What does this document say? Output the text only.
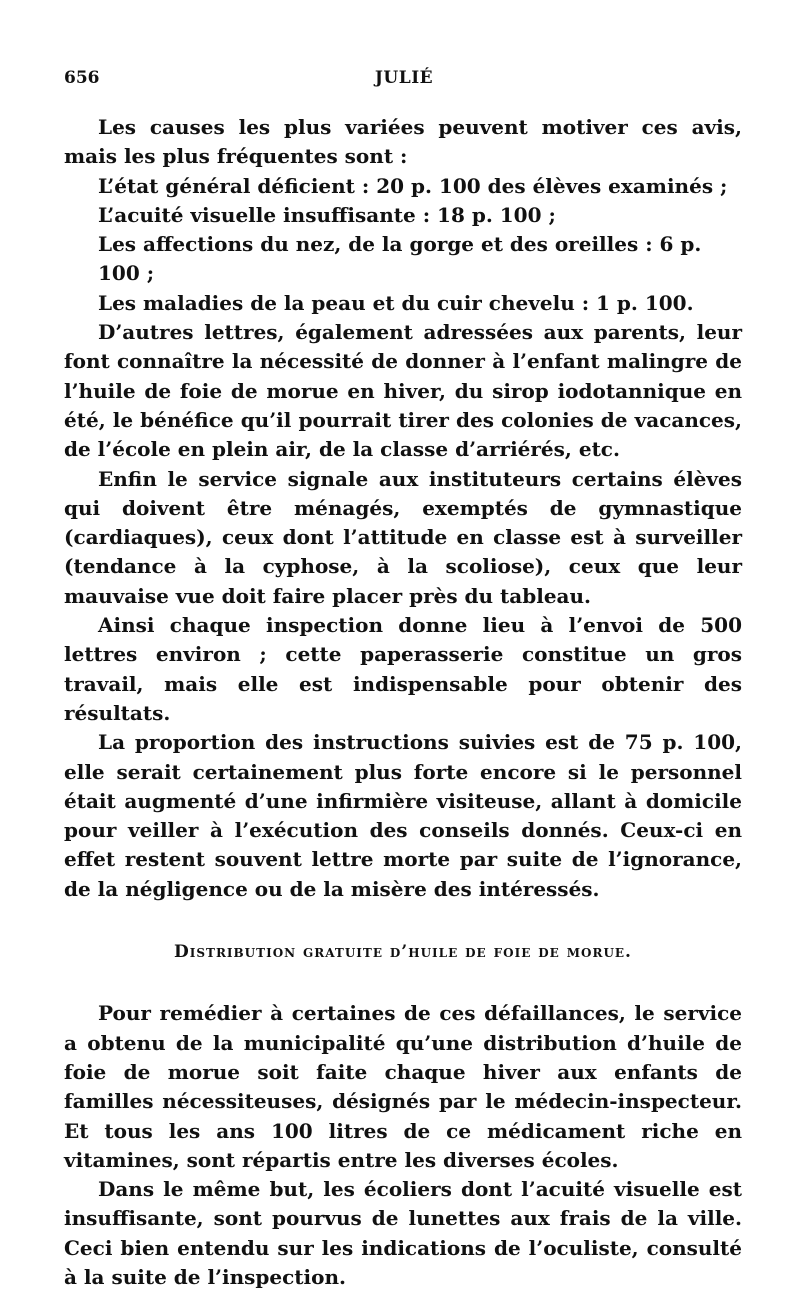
656	JULIÉ

Les causes les plus variées peuvent motiver ces avis, mais les plus fréquentes sont :

L’état général déficient : 20 p. 100 des élèves examinés ;
L’acuité visuelle insuffisante : 18 p. 100 ;
Les affections du nez, de la gorge et des oreilles : 6 p. 100 ;
Les maladies de la peau et du cuir chevelu : 1 p. 100.

D’autres lettres, également adressées aux parents, leur font connaître la nécessité de donner à l’enfant malingre de l’huile de foie de morue en hiver, du sirop iodotannique en été, le bénéfice qu’il pourrait tirer des colonies de vacances, de l’école en plein air, de la classe d’arriérés, etc.

Enfin le service signale aux instituteurs certains élèves qui doivent être ménagés, exemptés de gymnastique (cardiaques), ceux dont l’attitude en classe est à surveiller (tendance à la cyphose, à la scoliose), ceux que leur mauvaise vue doit faire placer près du tableau.

Ainsi chaque inspection donne lieu à l’envoi de 500 lettres environ ; cette paperasserie constitue un gros travail, mais elle est indispensable pour obtenir des résultats.

La proportion des instructions suivies est de 75 p. 100, elle serait certainement plus forte encore si le personnel était augmenté d’une infirmière visiteuse, allant à domicile pour veiller à l’exécution des conseils donnés. Ceux-ci en effet restent souvent lettre morte par suite de l’ignorance, de la négligence ou de la misère des intéressés.

Distribution gratuite d’huile de foie de morue.

Pour remédier à certaines de ces défaillances, le service a obtenu de la municipalité qu’une distribution d’huile de foie de morue soit faite chaque hiver aux enfants de familles nécessiteuses, désignés par le médecin-inspecteur. Et tous les ans 100 litres de ce médicament riche en vitamines, sont répartis entre les diverses écoles.

Dans le même but, les écoliers dont l’acuité visuelle est insuffisante, sont pourvus de lunettes aux frais de la ville. Ceci bien entendu sur les indications de l’oculiste, consulté à la suite de l’inspection.
